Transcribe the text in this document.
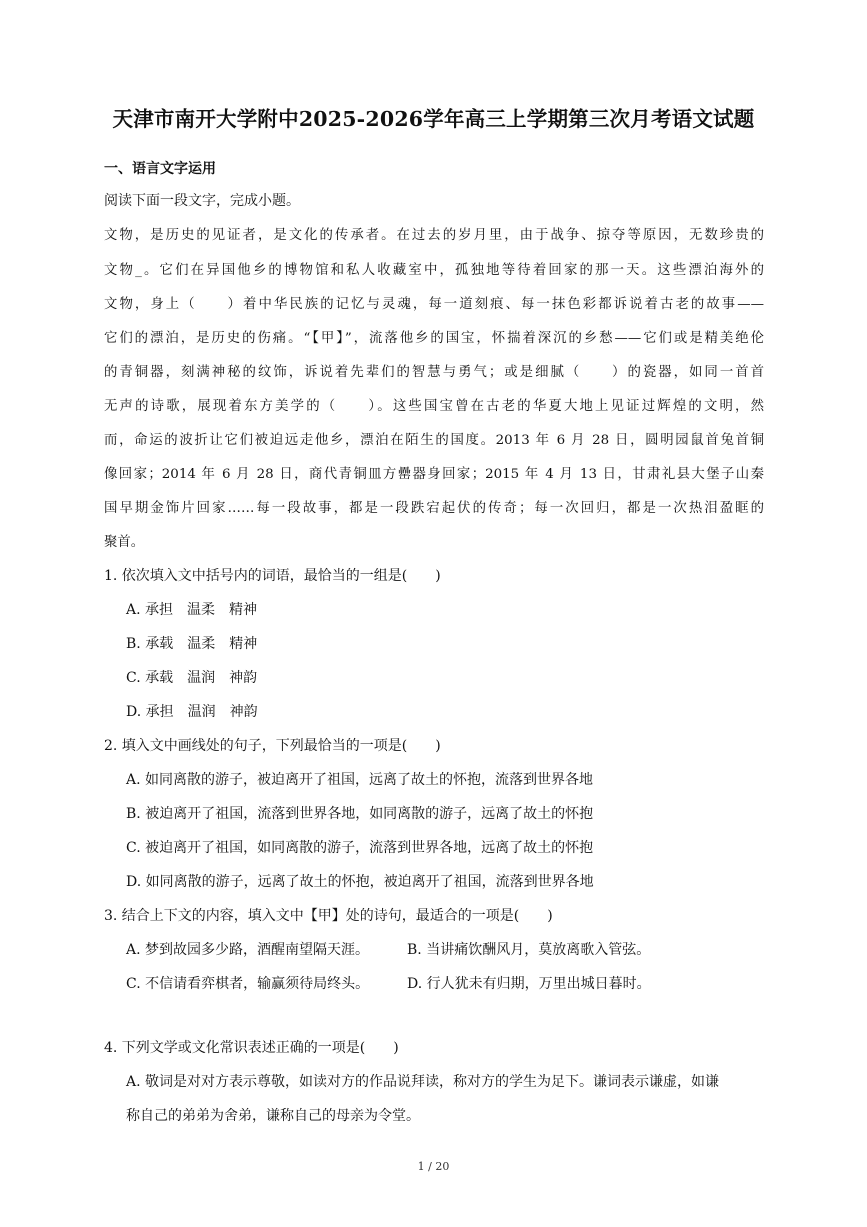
天津市南开大学附中2025-2026学年高三上学期第三次月考语文试题
一、语言文字运用
阅读下面一段文字，完成小题。
文物，是历史的见证者，是文化的传承者。在过去的岁月里，由于战争、掠夺等原因，无数珍贵的
文物_。它们在异国他乡的博物馆和私人收藏室中，孤独地等待着回家的那一天。这些漂泊海外的
文物，身上（　　）着中华民族的记忆与灵魂，每一道刻痕、每一抹色彩都诉说着古老的故事——
它们的漂泊，是历史的伤痛。“【甲】”，流落他乡的国宝，怀揣着深沉的乡愁——它们或是精美绝伦
的青铜器，刻满神秘的纹饰，诉说着先辈们的智慧与勇气；或是细腻（　　）的瓷器，如同一首首
无声的诗歌，展现着东方美学的（　　）。这些国宝曾在古老的华夏大地上见证过辉煌的文明，然
而，命运的波折让它们被迫远走他乡，漂泊在陌生的国度。2013 年 6 月 28 日，圆明园鼠首兔首铜
像回家；2014 年 6 月 28 日，商代青铜皿方罍器身回家；2015 年 4 月 13 日，甘肃礼县大堡子山秦
国早期金饰片回家……每一段故事，都是一段跌宕起伏的传奇；每一次回归，都是一次热泪盈眶的
聚首。
1. 依次填入文中括号内的词语，最恰当的一组是(　　)
A. 承担　温柔　精神
B. 承载　温柔　精神
C. 承载　温润　神韵
D. 承担　温润　神韵
2. 填入文中画线处的句子，下列最恰当的一项是(　　)
A. 如同离散的游子，被迫离开了祖国，远离了故土的怀抱，流落到世界各地
B. 被迫离开了祖国，流落到世界各地，如同离散的游子，远离了故土的怀抱
C. 被迫离开了祖国，如同离散的游子，流落到世界各地，远离了故土的怀抱
D. 如同离散的游子，远离了故土的怀抱，被迫离开了祖国，流落到世界各地
3. 结合上下文的内容，填入文中【甲】处的诗句，最适合的一项是(　　)
A. 梦到故园多少路，酒醒南望隔天涯。	B. 当讲痛饮酬风月，莫放离歌入管弦。
C. 不信请看弈棋者，输赢须待局终头。	D. 行人犹未有归期，万里出城日暮时。
4. 下列文学或文化常识表述正确的一项是(　　)
A. 敬词是对对方表示尊敬，如读对方的作品说拜读，称对方的学生为足下。谦词表示谦虚，如谦
称自己的弟弟为舍弟，谦称自己的母亲为令堂。
1 / 20
